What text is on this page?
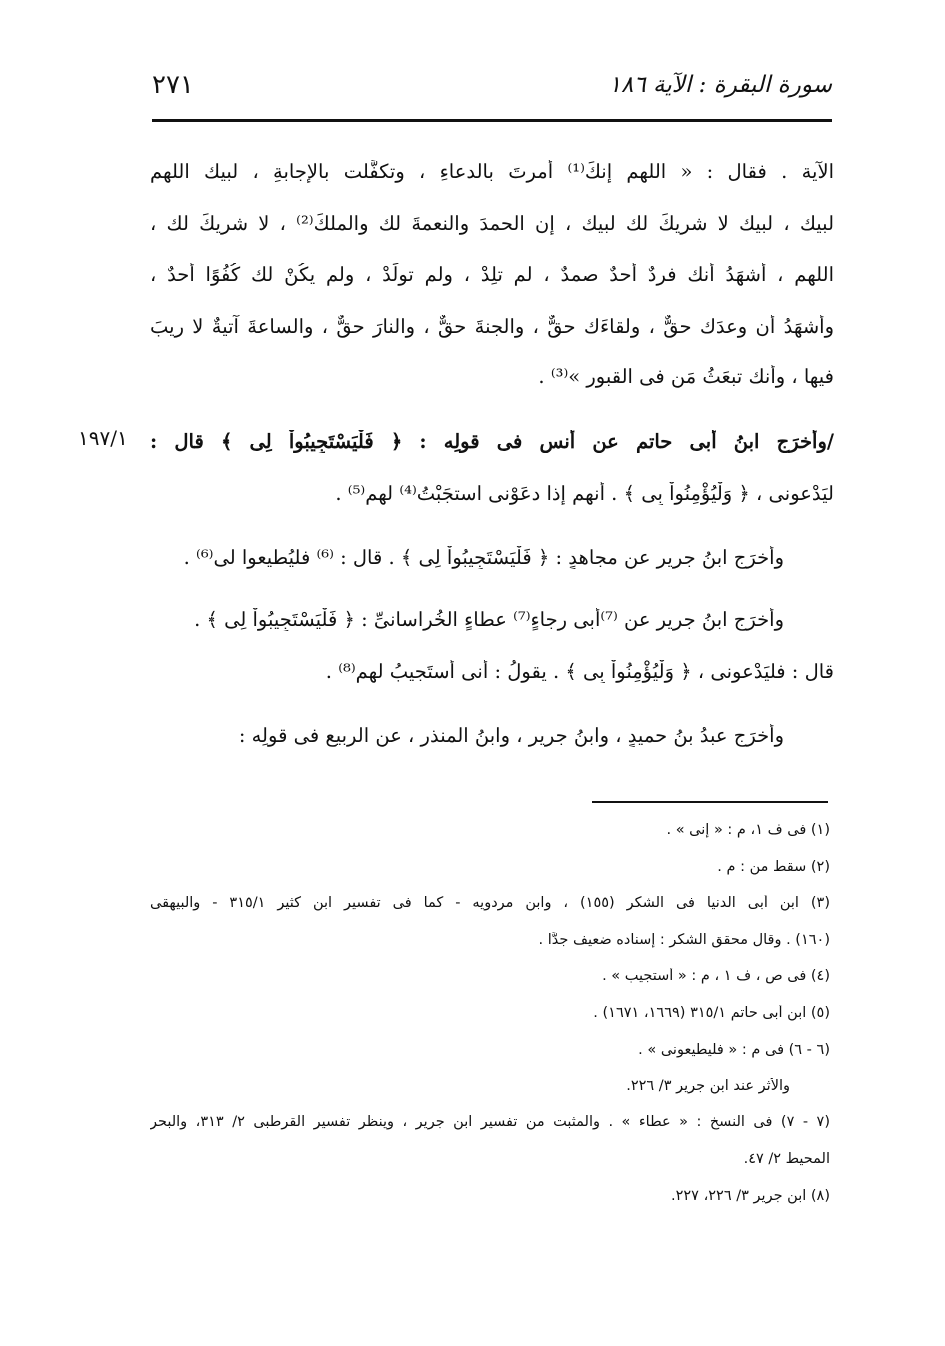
سورة البقرة : الآية ١٨٦
٢٧١
١٩٧/١
الآية . فقال : « اللهم إنكَ⁽¹⁾ أمرتَ بالدعاءِ ، وتكفَّلت بالإجابةِ ، لبيك اللهم
لبيك ، لبيك لا شريكَ لك لبيك ، إن الحمدَ والنعمةَ لك والملكَ⁽²⁾ ، لا شريكَ لك ،
اللهم ، أشهَدُ أنك فردٌ أحدٌ صمدٌ ، لم تلِدْ ، ولم تولَدْ ، ولم يكُنْ لك كُفُوًا أحدٌ ،
وأشهَدُ أن وعدَك حقٌّ ، ولقاءَك حقٌّ ، والجنةَ حقٌّ ، والنارَ حقٌّ ، والساعةَ آتيةٌ لا ريبَ
فيها ، وأنك تبعَثُ مَن فى القبورِ »⁽³⁾ .
/وأخرَج ابنُ أبى حاتمٍ عن أنسٍ فى قولِه : ﴿ فَلْيَسْتَجِيبُواْ لِى ﴾ قال :
ليَدْعونى ، ﴿ وَلْيُؤْمِنُواْ بِى ﴾ . أنهم إذا دعَوْنى استجَبْتُ⁽⁴⁾ لهم⁽⁵⁾ .
وأخرَج ابنُ جريرٍ عن مجاهدٍ : ﴿ فَلْيَسْتَجِيبُواْ لِى ﴾ . قال : ⁽⁶⁾ فليُطيعوا لى⁽⁶⁾ .
وأخرَج ابنُ جريرٍ عن ⁽⁷⁾أبى رجاءٍ⁽⁷⁾ عطاءٍ الخُراسانىِّ : ﴿ فَلْيَسْتَجِيبُواْ لِى ﴾ .
قال : فليَدْعونى ، ﴿ وَلْيُؤْمِنُواْ بِى ﴾ . يقولُ : أنى أَستَجيبُ لهم⁽⁸⁾ .
وأخرَج عبدُ بنُ حميدٍ ، وابنُ جريرٍ ، وابنُ المنذرِ ، عن الربيعِ فى قولِه :
(١) فى ف ١، م : « إنى » .
(٢) سقط من : م .
(٣) ابن أبى الدنيا فى الشكر (١٥٥) ، وابن مردويه - كما فى تفسير ابن كثير ٣١٥/١ - والبيهقى
(١٦٠) . وقال محقق الشكر : إسناده ضعيف جدًّا .
(٤) فى ص ، ف ١ ، م : « أستجيب » .
(٥) ابن أبى حاتم ٣١٥/١ (١٦٦٩، ١٦٧١) .
(٦ - ٦) فى م : « فليطيعونى » .
والأثر عند ابن جرير ٣/ ٢٢٦.
(٧ - ٧) فى النسخ : « عطاء » . والمثبت من تفسير ابن جرير ، وينظر تفسير القرطبى ٢/ ٣١٣، والبحر
المحيط ٢/ ٤٧.
(٨) ابن جرير ٣/ ٢٢٦، ٢٢٧.
